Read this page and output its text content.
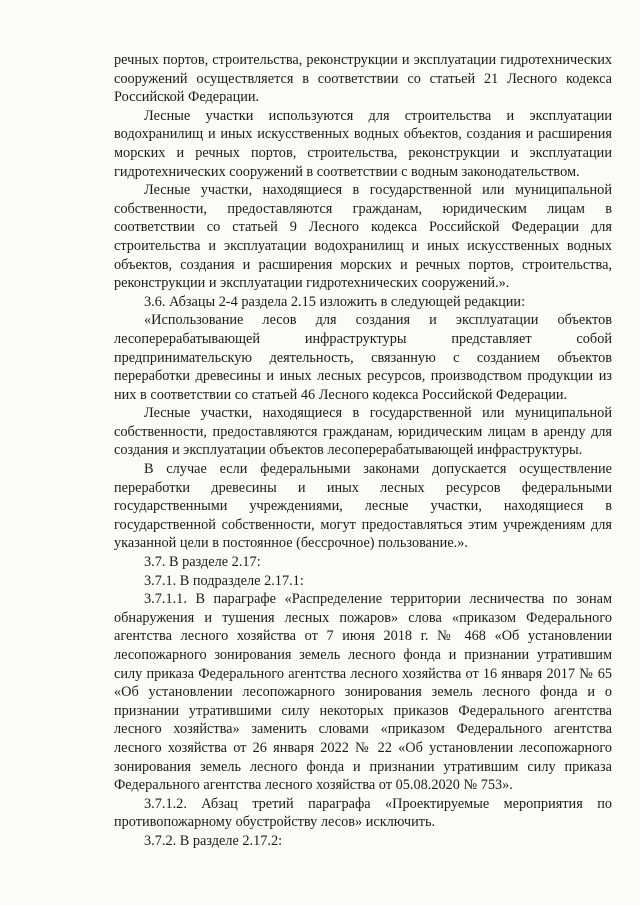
речных портов, строительства, реконструкции и эксплуатации гидротехнических сооружений осуществляется в соответствии со статьей 21 Лесного кодекса Российской Федерации.

Лесные участки используются для строительства и эксплуатации водохранилищ и иных искусственных водных объектов, создания и расширения морских и речных портов, строительства, реконструкции и эксплуатации гидротехнических сооружений в соответствии с водным законодательством.

Лесные участки, находящиеся в государственной или муниципальной собственности, предоставляются гражданам, юридическим лицам в соответствии со статьей 9 Лесного кодекса Российской Федерации для строительства и эксплуатации водохранилищ и иных искусственных водных объектов, создания и расширения морских и речных портов, строительства, реконструкции и эксплуатации гидротехнических сооружений.».

3.6. Абзацы 2-4 раздела 2.15 изложить в следующей редакции:

«Использование лесов для создания и эксплуатации объектов лесоперерабатывающей инфраструктуры представляет собой предпринимательскую деятельность, связанную с созданием объектов переработки древесины и иных лесных ресурсов, производством продукции из них в соответствии со статьей 46 Лесного кодекса Российской Федерации.

Лесные участки, находящиеся в государственной или муниципальной собственности, предоставляются гражданам, юридическим лицам в аренду для создания и эксплуатации объектов лесоперерабатывающей инфраструктуры.

В случае если федеральными законами допускается осуществление переработки древесины и иных лесных ресурсов федеральными государственными учреждениями, лесные участки, находящиеся в государственной собственности, могут предоставляться этим учреждениям для указанной цели в постоянное (бессрочное) пользование.».

3.7. В разделе 2.17:

3.7.1. В подразделе 2.17.1:

3.7.1.1. В параграфе «Распределение территории лесничества по зонам обнаружения и тушения лесных пожаров» слова «приказом Федерального агентства лесного хозяйства от 7 июня 2018 г. № 468 «Об установлении лесопожарного зонирования земель лесного фонда и признании утратившим силу приказа Федерального агентства лесного хозяйства от 16 января 2017 № 65 «Об установлении лесопожарного зонирования земель лесного фонда и о признании утратившими силу некоторых приказов Федерального агентства лесного хозяйства» заменить словами «приказом Федерального агентства лесного хозяйства от 26 января 2022 № 22 «Об установлении лесопожарного зонирования земель лесного фонда и признании утратившим силу приказа Федерального агентства лесного хозяйства от 05.08.2020 № 753».

3.7.1.2. Абзац третий параграфа «Проектируемые мероприятия по противопожарному обустройству лесов» исключить.

3.7.2. В разделе 2.17.2:
